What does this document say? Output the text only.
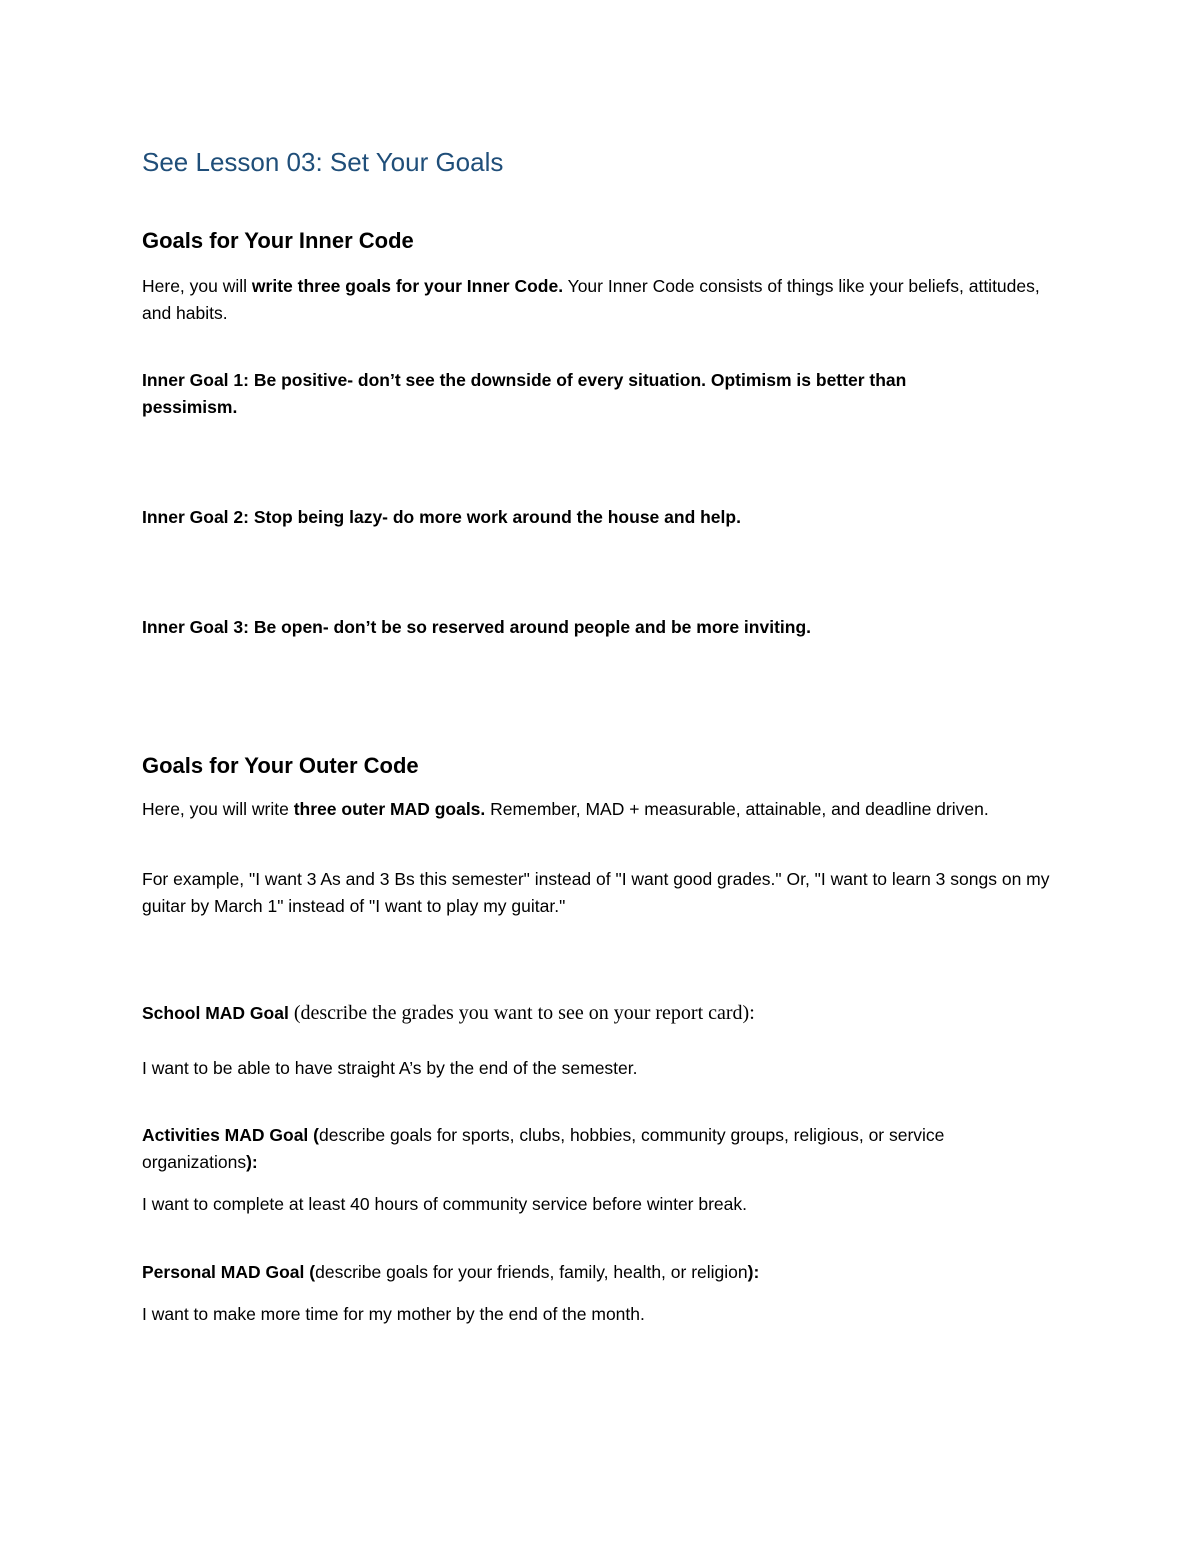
See Lesson 03: Set Your Goals
Goals for Your Inner Code

Here, you will write three goals for your Inner Code. Your Inner Code consists of things like your beliefs, attitudes, and habits.

Inner Goal 1: Be positive- don’t see the downside of every situation. Optimism is better than pessimism.

Inner Goal 2: Stop being lazy- do more work around the house and help.

Inner Goal 3: Be open- don’t be so reserved around people and be more inviting.

Goals for Your Outer Code

Here, you will write three outer MAD goals. Remember, MAD + measurable, attainable, and deadline driven.

For example, "I want 3 As and 3 Bs this semester" instead of "I want good grades." Or, "I want to learn 3 songs on my guitar by March 1" instead of "I want to play my guitar."

School MAD Goal (describe the grades you want to see on your report card):

I want to be able to have straight A’s by the end of the semester.

Activities MAD Goal (describe goals for sports, clubs, hobbies, community groups, religious, or service organizations):

I want to complete at least 40 hours of community service before winter break.

Personal MAD Goal (describe goals for your friends, family, health, or religion):

I want to make more time for my mother by the end of the month.
